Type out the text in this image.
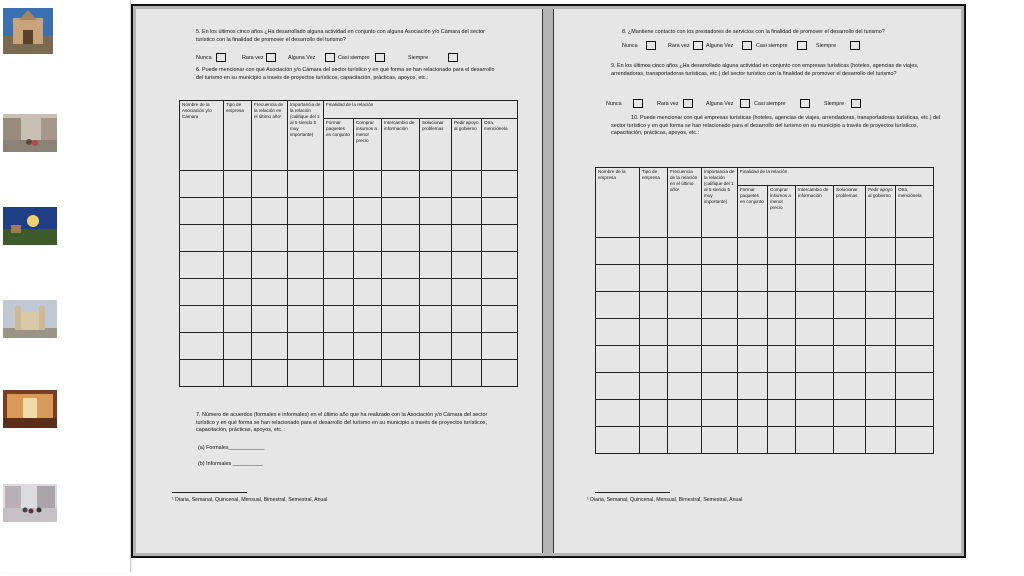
5. En los últimos cinco años ¿Ha desarrollado alguna actividad en conjunto con alguna Asociación y/o Cámara del sector turístico con la finalidad de promover el desarrollo del turismo?
Nunca	Rara vez	Alguna Vez	Casi siempre	Siempre
6. Puede mencionar con qué Asociación y/o Cámara del sector turístico y en qué forma se han relacionado para el desarrollo del turismo en su municipio a través de proyectos turísticos, capacitación, prácticas, apoyos, etc.:
Nombre de la Asociación y/o Cámara	Tipo de empresa	Frecuencia de la relación en el último año¹	Importancia de la relación (califique del 1 al 5 siendo 5 muy importante)	Finalidad de la relación					
				Formar paquetes en conjunto	Comprar insumos a menor precio	Intercambio de información	Solucionar problemas	Pedir apoyo al gobierno	Otra, menciónela

7. Número de acuerdos (formales e informales) en el último año que ha realizado con la Asociación y/o Cámara del sector turístico y en qué forma se han relacionado para el desarrollo del turismo en su municipio a través de proyectos turísticos, capacitación, prácticas, apoyos, etc. :
(a) Formales____________
(b) Informales __________
¹ Diaria, Semanal, Quincenal, Mensual, Bimestral, Semestral, Anual
8. ¿Mantiene contacto con los prestadores de servicios con la finalidad de promover el desarrollo del turismo?
Nunca	Rara vez	Alguna Vez	Casi siempre	Siempre
9. En los últimos cinco años ¿Ha desarrollado alguna actividad en conjunto con empresas turísticas (hoteles, agencias de viajes, arrendadoras, transportadoras turísticas, etc.) del sector turístico con la finalidad de promover el desarrollo del turismo?
Nunca	Rara vez	Alguna Vez	Casi siempre	Siempre
10. Puede mencionar con qué empresas turísticas (hoteles, agencias de viajes, arrendadoras, transportadoras turísticas, etc.) del sector turístico y en qué forma se han relacionado para el desarrollo del turismo en su municipio a través de proyectos turísticos, capacitación, prácticas, apoyos, etc.:
Nombre de la empresa	Tipo de empresa	Frecuencia de la relación en el último año¹	Importancia de la relación (califique del 1 al 5 siendo 5 muy importante)	Finalidad de la relación					
				Formar paquetes en conjunto	Comprar insumos a menor precio	Intercambio de información	Solucionar problemas	Pedir apoyo al gobierno	Otra, menciónela

¹ Diaria, Semanal, Quincenal, Mensual, Bimestral, Semestral, Anual
